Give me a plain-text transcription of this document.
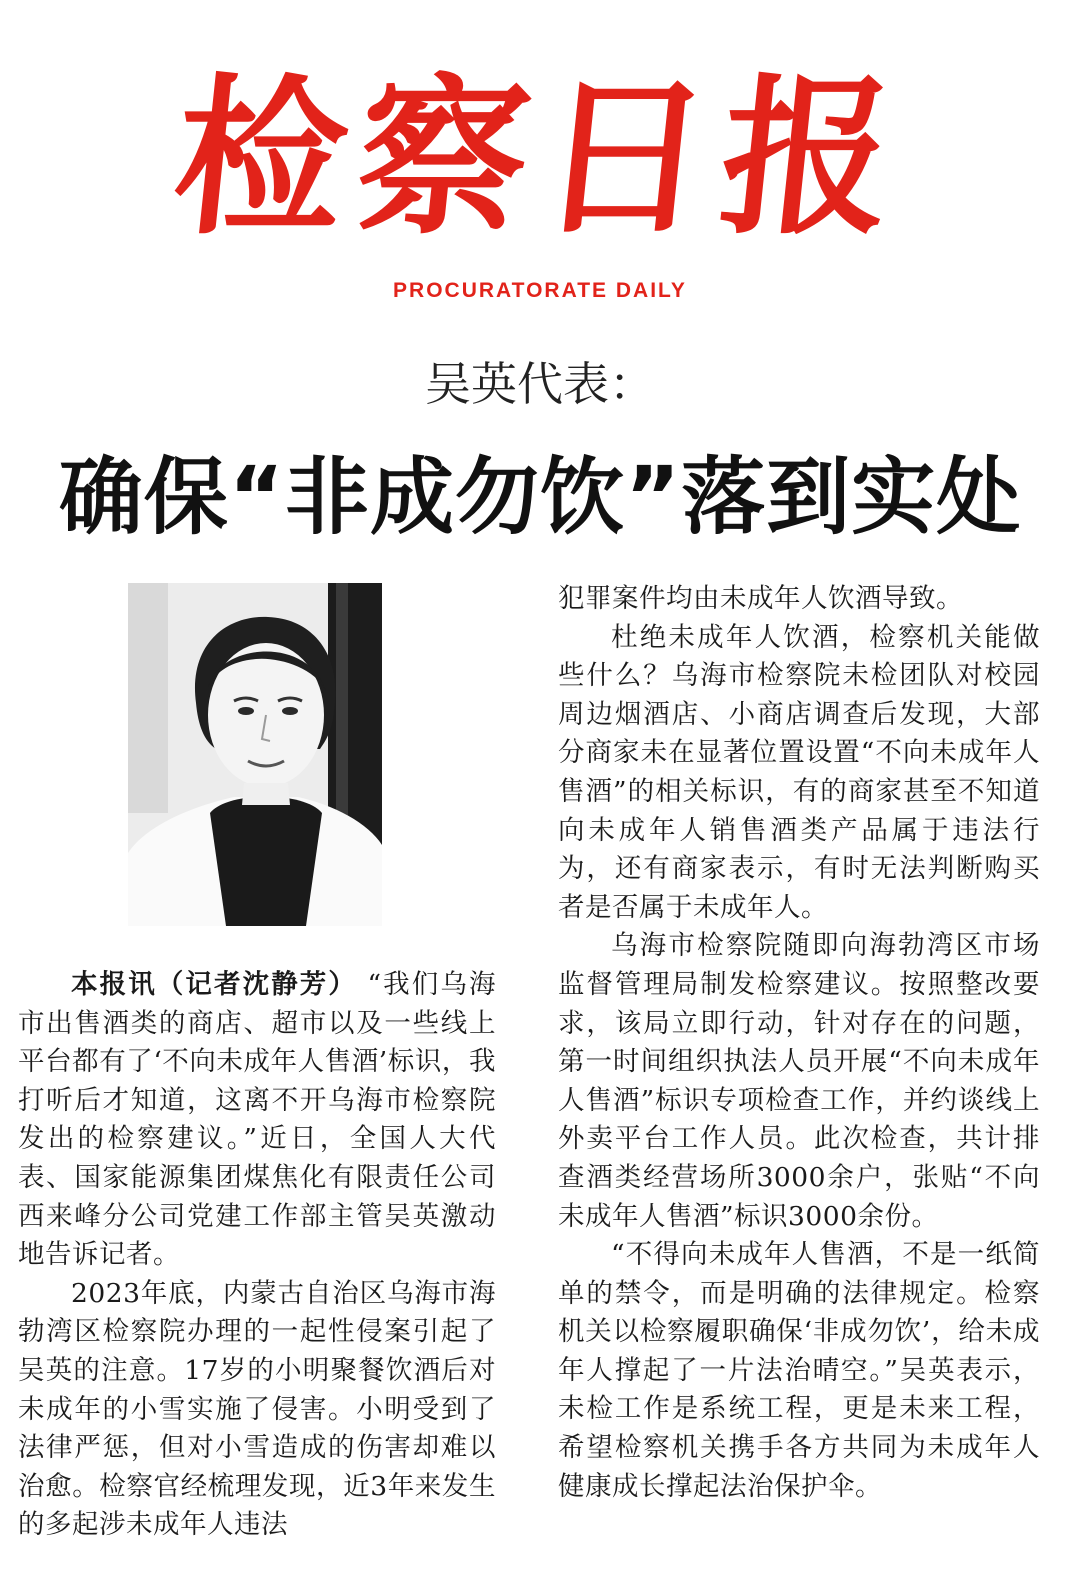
检察日报
PROCURATORATE DAILY
吴英代表：
确保“非成勿饮”落到实处

本报讯（记者沈静芳） “我们乌海市出售酒类的商店、超市以及一些线上平台都有了‘不向未成年人售酒’标识，我打听后才知道，这离不开乌海市检察院发出的检察建议。”近日，全国人大代表、国家能源集团煤焦化有限责任公司西来峰分公司党建工作部主管吴英激动地告诉记者。

2023年底，内蒙古自治区乌海市海勃湾区检察院办理的一起性侵案引起了吴英的注意。17岁的小明聚餐饮酒后对未成年的小雪实施了侵害。小明受到了法律严惩，但对小雪造成的伤害却难以治愈。检察官经梳理发现，近3年来发生的多起涉未成年人违法

犯罪案件均由未成年人饮酒导致。

杜绝未成年人饮酒，检察机关能做些什么？乌海市检察院未检团队对校园周边烟酒店、小商店调查后发现，大部分商家未在显著位置设置“不向未成年人售酒”的相关标识，有的商家甚至不知道向未成年人销售酒类产品属于违法行为，还有商家表示，有时无法判断购买者是否属于未成年人。

乌海市检察院随即向海勃湾区市场监督管理局制发检察建议。按照整改要求，该局立即行动，针对存在的问题，第一时间组织执法人员开展“不向未成年人售酒”标识专项检查工作，并约谈线上外卖平台工作人员。此次检查，共计排查酒类经营场所3000余户，张贴“不向未成年人售酒”标识3000余份。

“不得向未成年人售酒，不是一纸简单的禁令，而是明确的法律规定。检察机关以检察履职确保‘非成勿饮’，给未成年人撑起了一片法治晴空。”吴英表示，未检工作是系统工程，更是未来工程，希望检察机关携手各方共同为未成年人健康成长撑起法治保护伞。
